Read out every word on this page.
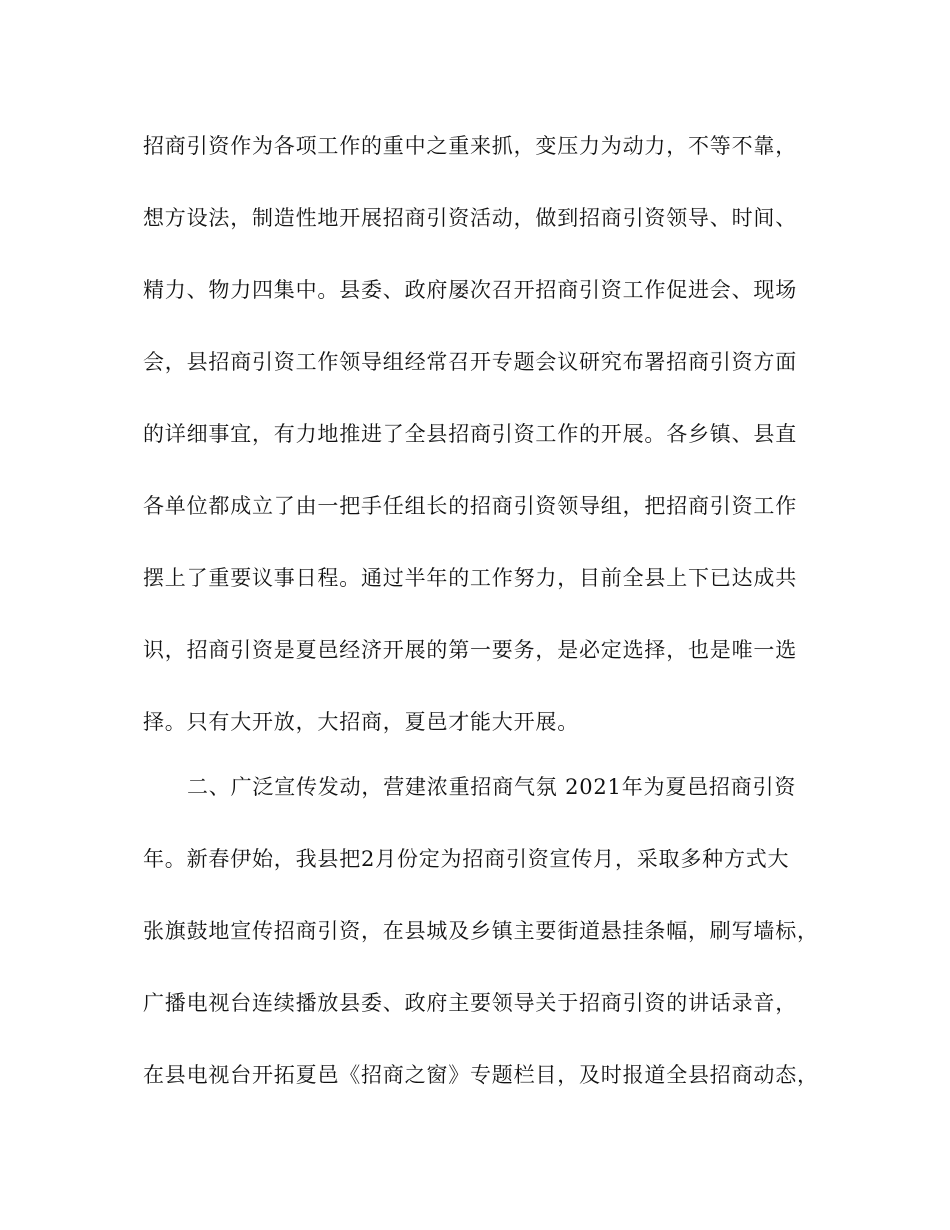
招商引资作为各项工作的重中之重来抓，变压力为动力，不等不靠，
想方设法，制造性地开展招商引资活动，做到招商引资领导、时间、
精力、物力四集中。县委、政府屡次召开招商引资工作促进会、现场
会，县招商引资工作领导组经常召开专题会议研究布署招商引资方面
的详细事宜，有力地推进了全县招商引资工作的开展。各乡镇、县直
各单位都成立了由一把手任组长的招商引资领导组，把招商引资工作
摆上了重要议事日程。通过半年的工作努力，目前全县上下已达成共
识，招商引资是夏邑经济开展的第一要务，是必定选择，也是唯一选
择。只有大开放，大招商，夏邑才能大开展。
二、广泛宣传发动，营建浓重招商气氛 2021年为夏邑招商引资
年。新春伊始，我县把2月份定为招商引资宣传月，采取多种方式大
张旗鼓地宣传招商引资，在县城及乡镇主要街道悬挂条幅，刷写墙标，
广播电视台连续播放县委、政府主要领导关于招商引资的讲话录音，
在县电视台开拓夏邑《招商之窗》专题栏目，及时报道全县招商动态，
